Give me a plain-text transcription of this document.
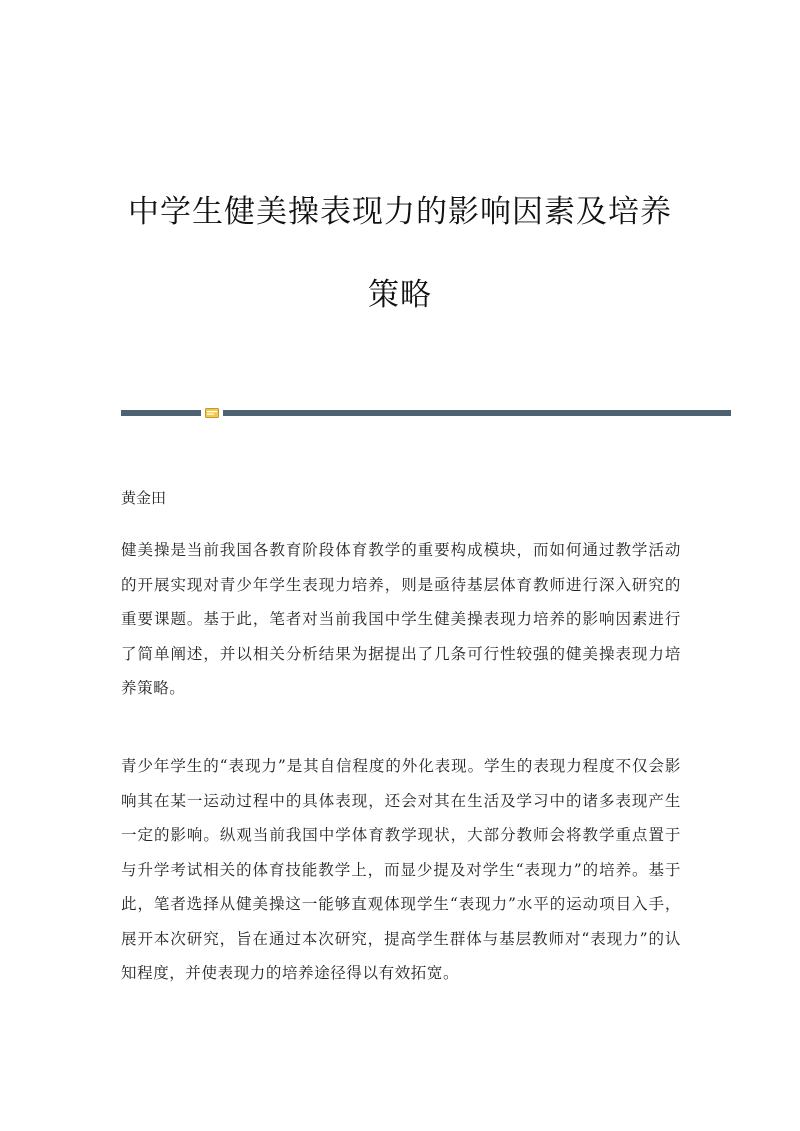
中学生健美操表现力的影响因素及培养
策略

黄金田

健美操是当前我国各教育阶段体育教学的重要构成模块，而如何通过教学活动的开展实现对青少年学生表现力培养，则是亟待基层体育教师进行深入研究的重要课题。基于此，笔者对当前我国中学生健美操表现力培养的影响因素进行了简单阐述，并以相关分析结果为据提出了几条可行性较强的健美操表现力培养策略。

青少年学生的“表现力”是其自信程度的外化表现。学生的表现力程度不仅会影响其在某一运动过程中的具体表现，还会对其在生活及学习中的诸多表现产生一定的影响。纵观当前我国中学体育教学现状，大部分教师会将教学重点置于与升学考试相关的体育技能教学上，而显少提及对学生“表现力”的培养。基于此，笔者选择从健美操这一能够直观体现学生“表现力”水平的运动项目入手，展开本次研究，旨在通过本次研究，提高学生群体与基层教师对“表现力”的认知程度，并使表现力的培养途径得以有效拓宽。
